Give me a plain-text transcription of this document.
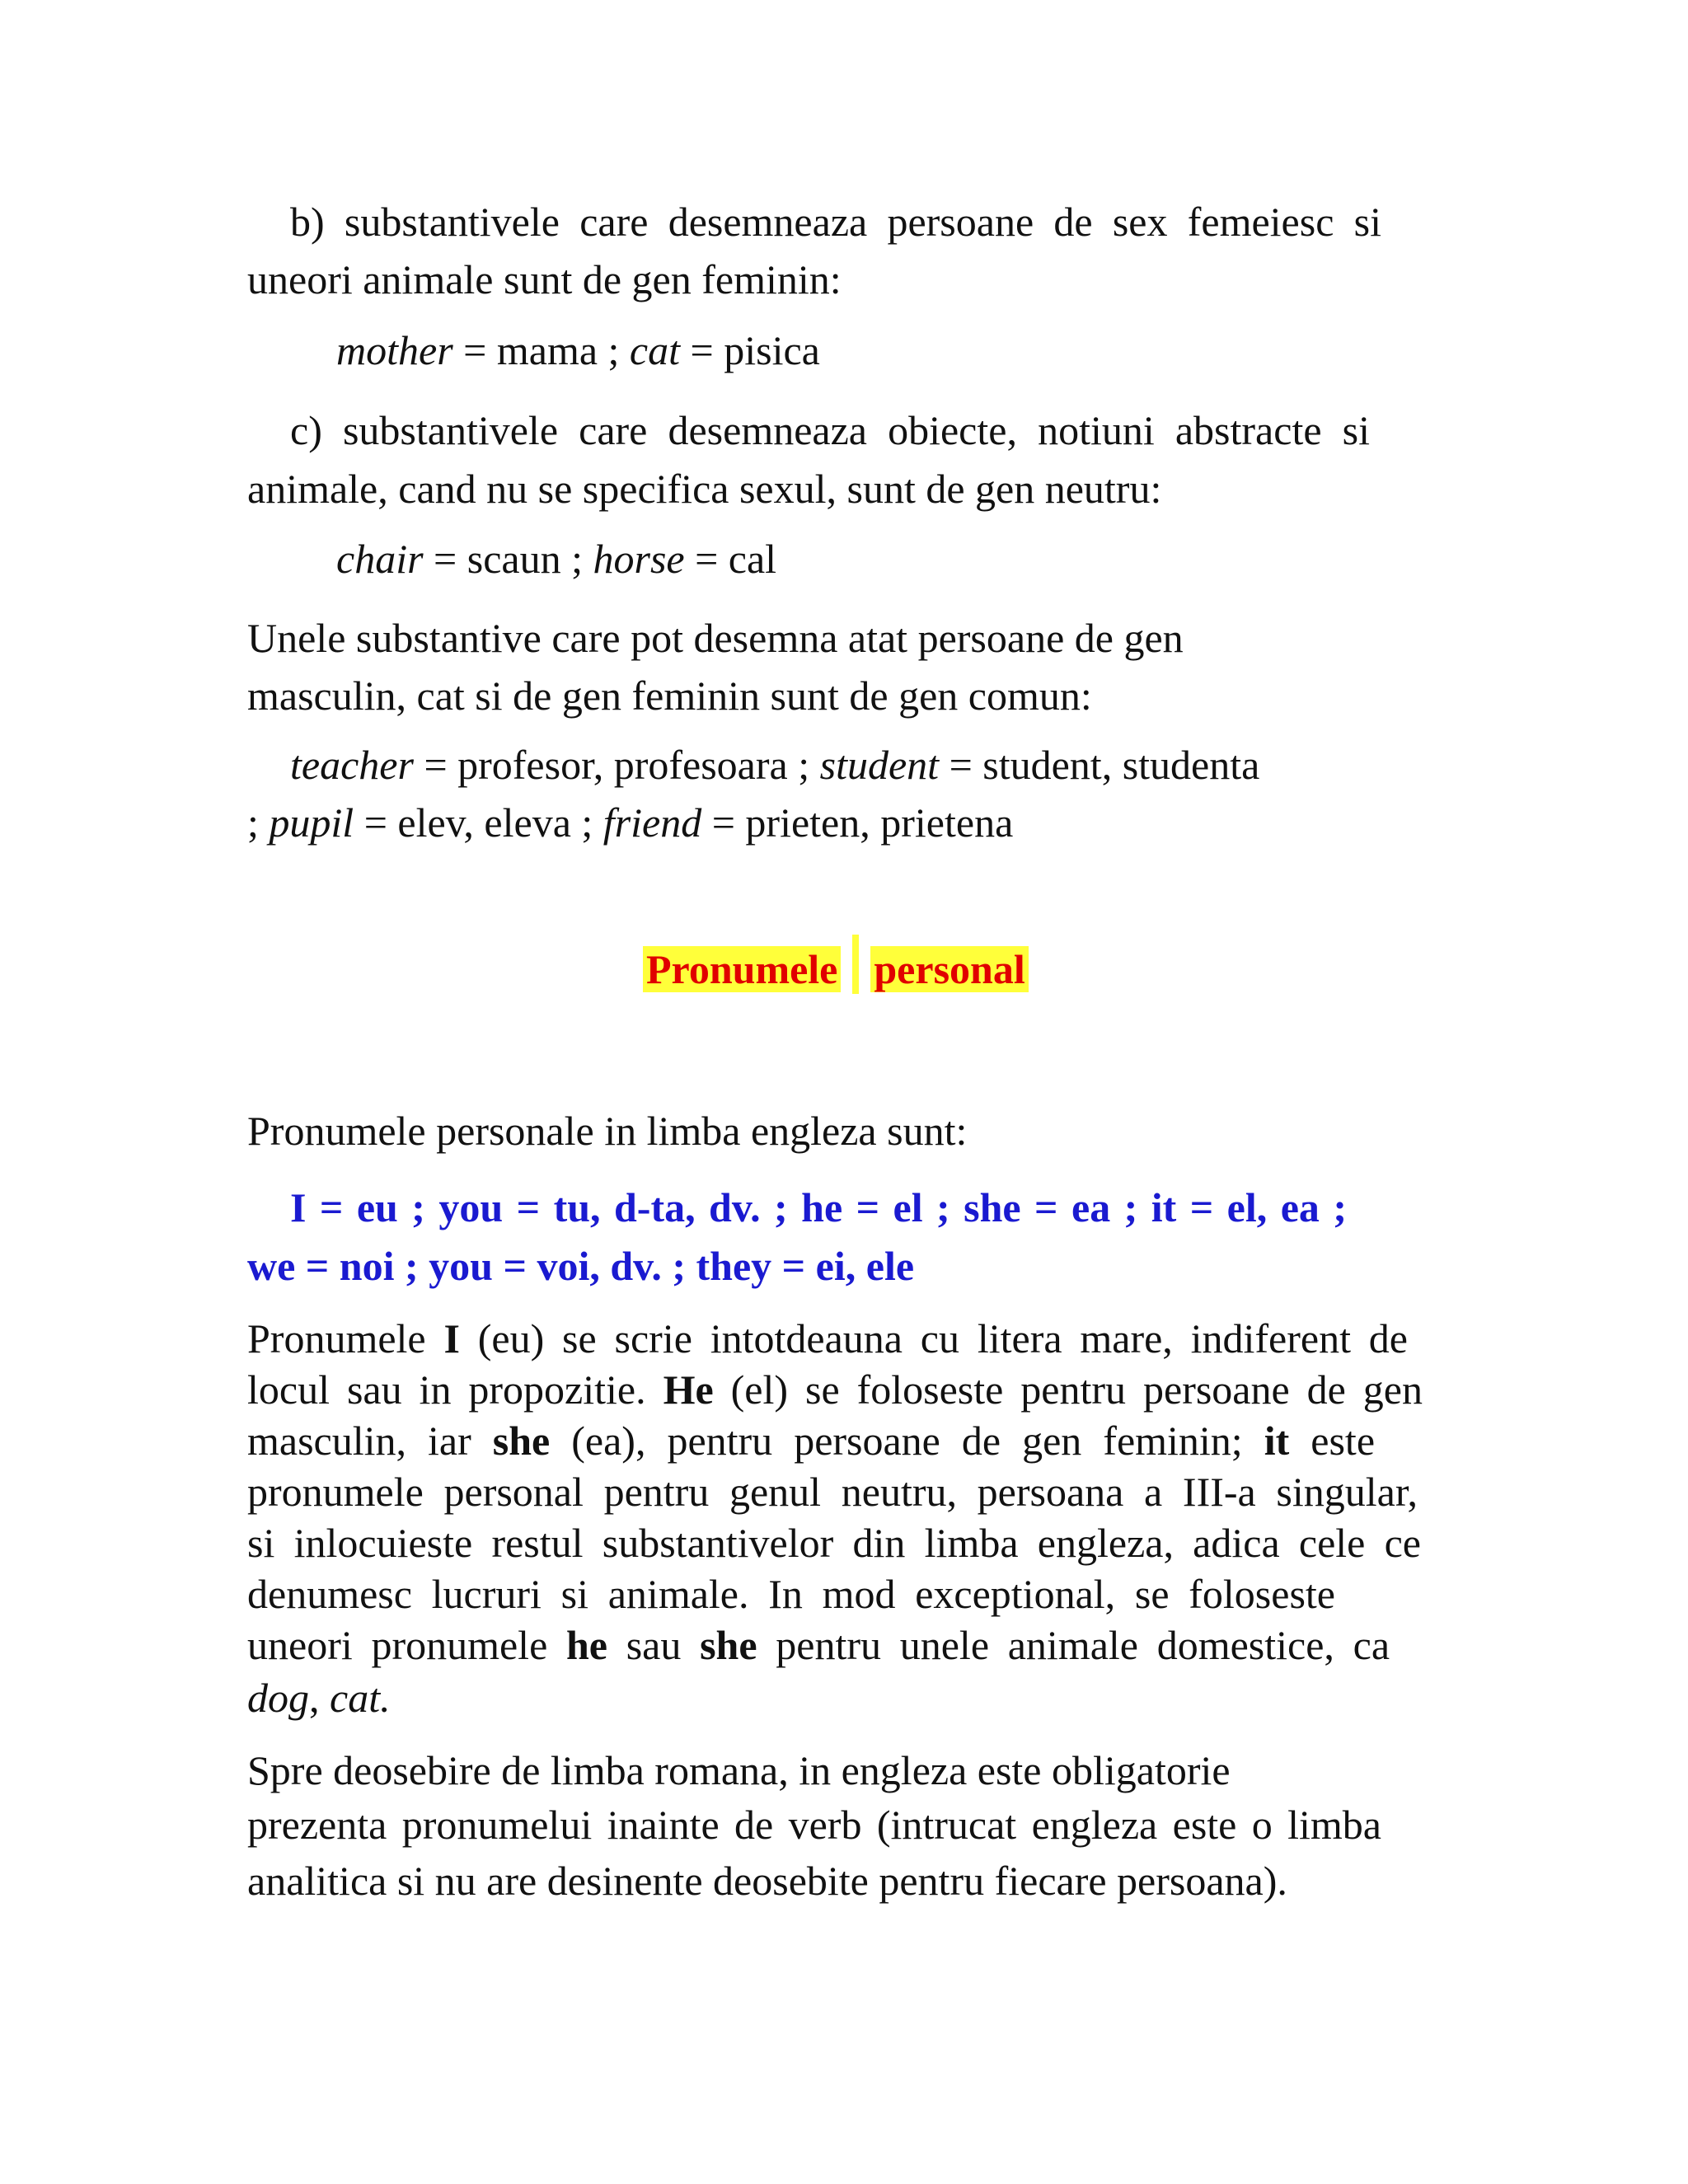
b) substantivele care desemneaza persoane de sex femeiesc si
uneori animale sunt de gen feminin:
mother = mama ; cat = pisica
c) substantivele care desemneaza obiecte, notiuni abstracte si
animale, cand nu se specifica sexul, sunt de gen neutru:
chair = scaun ; horse = cal
Unele substantive care pot desemna atat persoane de gen
masculin, cat si de gen feminin sunt de gen comun:
teacher = profesor, profesoara ; student = student, studenta
; pupil = elev, eleva ; friend = prieten, prietena
Pronumele personal
Pronumele personale in limba engleza sunt:
I = eu ; you = tu, d-ta, dv. ; he = el ; she = ea ; it = el, ea ;
we = noi ; you = voi, dv. ; they = ei, ele
Pronumele I (eu) se scrie intotdeauna cu litera mare, indiferent de
locul sau in propozitie. He (el) se foloseste pentru persoane de gen
masculin, iar she (ea), pentru persoane de gen feminin; it este
pronumele personal pentru genul neutru, persoana a III-a singular,
si inlocuieste restul substantivelor din limba engleza, adica cele ce
denumesc lucruri si animale. In mod exceptional, se foloseste
uneori pronumele he sau she pentru unele animale domestice, ca
dog, cat.
Spre deosebire de limba romana, in engleza este obligatorie
prezenta pronumelui inainte de verb (intrucat engleza este o limba
analitica si nu are desinente deosebite pentru fiecare persoana).
